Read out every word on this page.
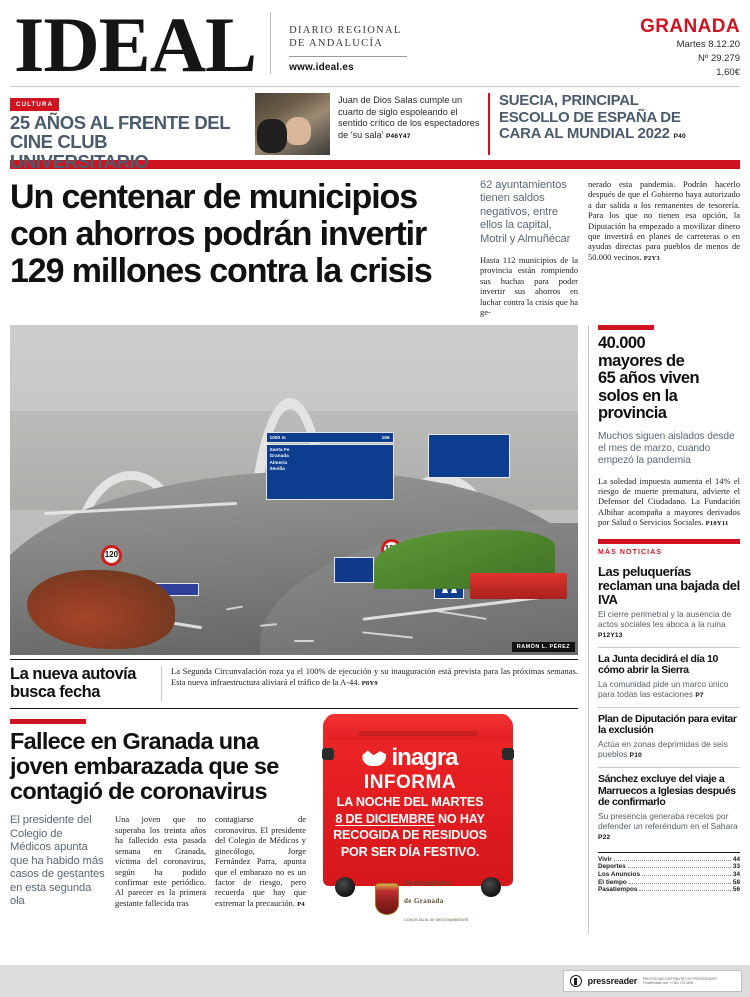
IDEAL	DIARIO REGIONAL
DE ANDALUCÍA
www.ideal.es
GRANADA
Martes 8.12.20
Nº 29.279
1,60€
CULTURA
25 AÑOS AL FRENTE DEL
CINE CLUB UNIVERSITARIO
Juan de Dios Salas cumple un cuarto de siglo espoleando el sentido crítico de los espectadores de 'su sala' P46Y47
SUECIA, PRINCIPAL
ESCOLLO DE ESPAÑA DE
CARA AL MUNDIAL 2022 P40
Un centenar de municipios
con ahorros podrán invertir
129 millones contra la crisis
62 ayuntamientos tienen saldos negativos, entre ellos la capital, Motril y Almuñécar
Hasta 112 municipios de la provincia están rompiendo sus huchas para poder invertir sus ahorros en luchar contra la crisis que ha ge-
nerado esta pandemia. Podrán hacerlo después de que el Gobierno haya autorizado a dar salida a los remanentes de tesorería. Para los que no tienen esa opción, la Diputación ha empezado a movilizar dinero que invertirá en planes de carreteras o en ayudas directas para pueblos de menos de 50.000 vecinos. P2Y3
1000 m	159
Santa Fe
Granada
Almería
Sevilla
120
RAMÓN L. PÉREZ
La nueva autovía
busca fecha
La Segunda Circunvalación roza ya el 100% de ejecución y su inauguración está prevista para las próximas semanas. Esta nueva infraestructura aliviará el tráfico de la A-44. P8Y9
Fallece en Granada una
joven embarazada que se
contagió de coronavirus
El presidente del Colegio de Médicos apunta que ha habido más casos de gestantes en esta segunda ola
Una joven que no superaba los treinta años ha fallecido esta pasada semana en Granada, víctima del coronavirus, según ha podido confirmar este periódico. Al parecer es la primera gestante fallecida tras
contagiarse de coronavirus. El presidente del Colegio de Médicos y ginecólogo, Jorge Fernández Parra, apunta que el embarazo no es un factor de riesgo, pero recuerda que hay que extremar la precaución. P4
inagra
INFORMA
LA NOCHE DEL MARTES
8 DE DICIEMBRE NO HAY
RECOGIDA DE RESIDUOS
POR SER DÍA FESTIVO.
Ayuntamiento
de Granada
CONCEJALÍA DE MEDIOAMBIENTE
40.000
mayores de
65 años viven
solos en la
provincia
Muchos siguen aislados desde el mes de marzo, cuando empezó la pandemia
La soledad impuesta aumenta el 14% el riesgo de muerte prematura, advierte el Defensor del Ciudadano. La Fundación Albihar acompaña a mayores derivados por Salud o Servicios Sociales. P10Y11
MÁS NOTICIAS
Las peluquerías reclaman una bajada del IVA

El cierre perimetral y la ausencia de actos sociales les aboca a la ruina P12Y13

La Junta decidirá el día 10 cómo abrir la Sierra

La comunidad pide un marco único para todas las estaciones P7

Plan de Diputación para evitar la exclusión

Actúa en zonas deprimidas de seis pueblos P10

Sánchez excluye del viaje a Marruecos a Iglesias después de confirmarlo

Su presencia generaba recelos por defender un referéndum en el Sahara P22

Vivir	44
Deportes	33
Los Anuncios	34
El tiempo	58
Pasatiempos	56
pressreader PRINTED AND DISTRIBUTED BY PRESSREADER PressReader.com +1 604 278 4604
